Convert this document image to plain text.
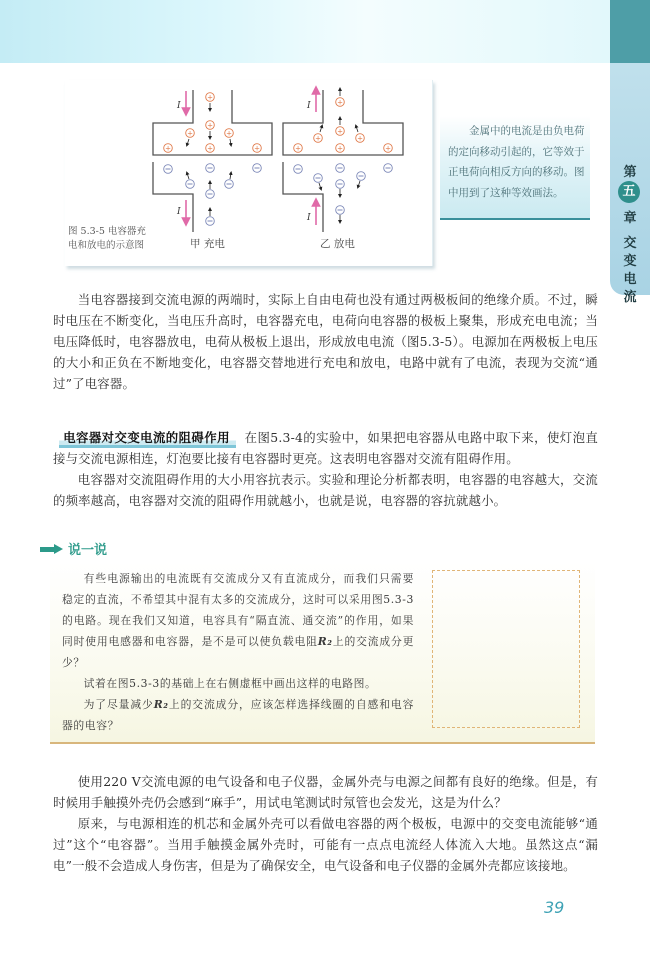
第
五
章
交变电流
I
I
I
I
+
+
+	+
+	+	+
+
+
+	+
+	+	+
图 5.3-5 电容器充
电和放电的示意图	甲 充电	乙 放电

金属中的电流是由负电荷的定向移动引起的，它等效于正电荷向相反方向的移动。图中用到了这种等效画法。

当电容器接到交流电源的两端时，实际上自由电荷也没有通过两极板间的绝缘介质。不过，瞬时电压在不断变化，当电压升高时，电容器充电，电荷向电容器的极板上聚集，形成充电电流；当电压降低时，电容器放电，电荷从极板上退出，形成放电电流（图5.3-5）。电源加在两极板上电压的大小和正负在不断地变化，电容器交替地进行充电和放电，电路中就有了电流，表现为交流“通过”了电容器。

电容器对交变电流的阻碍作用 在图5.3-4的实验中，如果把电容器从电路中取下来，使灯泡直接与交流电源相连，灯泡要比接有电容器时更亮。这表明电容器对交流有阻碍作用。

电容器对交流阻碍作用的大小用容抗表示。实验和理论分析都表明，电容器的电容越大，交流的频率越高，电容器对交流的阻碍作用就越小，也就是说，电容器的容抗就越小。

说一说

有些电源输出的电流既有交流成分又有直流成分，而我们只需要稳定的直流，不希望其中混有太多的交流成分，这时可以采用图5.3-3的电路。现在我们又知道，电容具有“隔直流、通交流”的作用，如果同时使用电感器和电容器，是不是可以使负载电阻R₂上的交流成分更少？

试着在图5.3-3的基础上在右侧虚框中画出这样的电路图。

为了尽量减少R₂上的交流成分，应该怎样选择线圈的自感和电容器的电容？

使用220 V交流电源的电气设备和电子仪器，金属外壳与电源之间都有良好的绝缘。但是，有时候用手触摸外壳仍会感到“麻手”，用试电笔测试时氖管也会发光，这是为什么？

原来，与电源相连的机芯和金属外壳可以看做电容器的两个极板，电源中的交变电流能够“通过”这个“电容器”。当用手触摸金属外壳时，可能有一点点电流经人体流入大地。虽然这点“漏电”一般不会造成人身伤害，但是为了确保安全，电气设备和电子仪器的金属外壳都应该接地。

39
